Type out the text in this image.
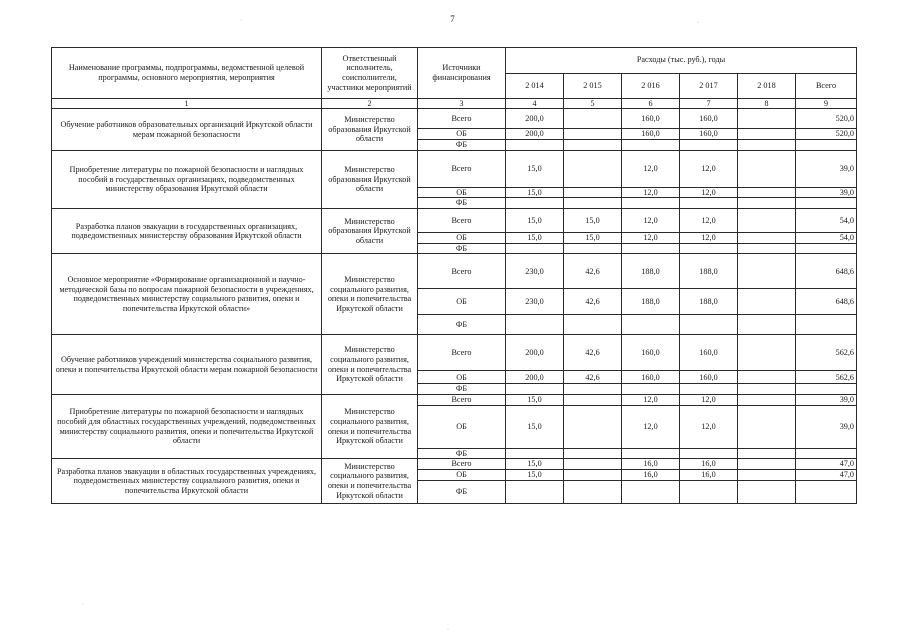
7
Наименование программы, подпрограммы, ведомственной целевой программы, основного мероприятия, мероприятия	Ответственный исполнитель, соисполнители, участники мероприятий	Источники финансирования	Расходы (тыс. руб.), годы					
			2 014	2 015	2 016	2 017	2 018	Всего
1	2	3	4	5	6	7	8	9
Обучение работников образовательных организаций Иркутской области мерам пожарной безопасности	Министерство образования Иркутской области	Всего	200,0		160,0	160,0		520,0
		ОБ	200,0		160,0	160,0		520,0
		ФБ						
Приобретение литературы по пожарной безопасности и наглядных пособий в государственных организациях, подведомственных министерству образования Иркутской области	Министерство образования Иркутской области	Всего	15,0		12,0	12,0		39,0
		ОБ	15,0		12,0	12,0		39,0
		ФБ						
Разработка планов эвакуации в государственных организациях, подведомственных министерству образования Иркутской области	Министерство образования Иркутской области	Всего	15,0	15,0	12,0	12,0		54,0
		ОБ	15,0	15,0	12,0	12,0		54,0
		ФБ						
Основное мероприятие «Формирование организационной и научно-методической базы по вопросам пожарной безопасности в учреждениях, подведомственных министерству социального развития, опеки и попечительства Иркутской области»	Министерство социального развития, опеки и попечительства Иркутской области	Всего	230,0	42,6	188,0	188,0		648,6
		ОБ	230,0	42,6	188,0	188,0		648,6
		ФБ						
Обучение работников учреждений министерства социального развития, опеки и попечительства Иркутской области мерам пожарной безопасности	Министерство социального развития, опеки и попечительства Иркутской области	Всего	200,0	42,6	160,0	160,0		562,6
		ОБ	200,0	42,6	160,0	160,0		562,6
		ФБ						
Приобретение литературы по пожарной безопасности и наглядных пособий для областных государственных учреждений, подведомственных министерству социального развития, опеки и попечительства Иркутской области	Министерство социального развития, опеки и попечительства Иркутской области	Всего	15,0		12,0	12,0		39,0
		ОБ	15,0		12,0	12,0		39,0
		ФБ						
Разработка планов эвакуации в областных государственных учреждениях, подведомственных министерству социального развития, опеки и попечительства Иркутской области	Министерство социального развития, опеки и попечительства Иркутской области	Всего	15,0		16,0	16,0		47,0
		ОБ	15,0		16,0	16,0		47,0
		ФБ						
·	·
·
·
